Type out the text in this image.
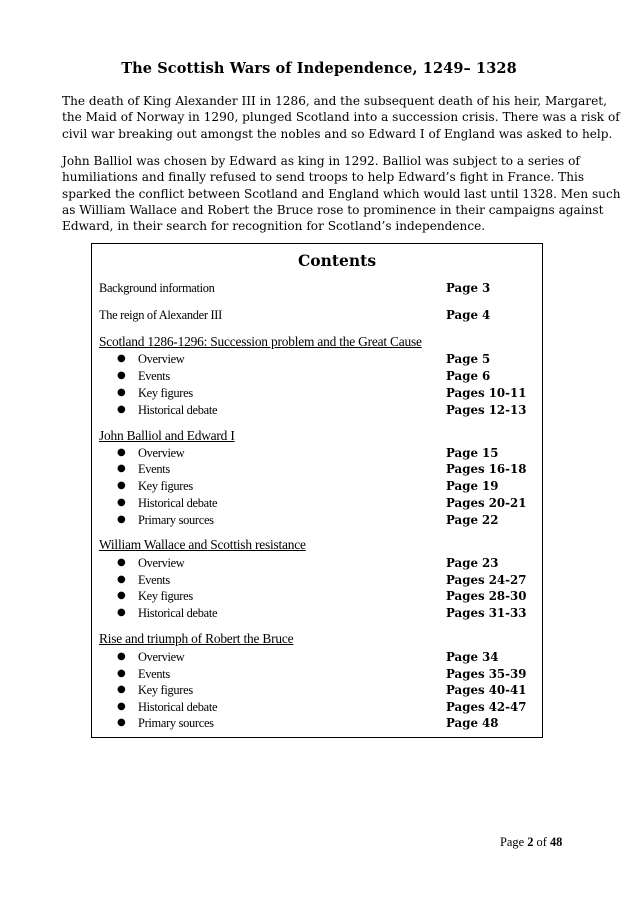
The Scottish Wars of Independence, 1249– 1328
The death of King Alexander III in 1286, and the subsequent death of his heir, Margaret,
the Maid of Norway in 1290, plunged Scotland into a succession crisis. There was a risk of
civil war breaking out amongst the nobles and so Edward I of England was asked to help.
John Balliol was chosen by Edward as king in 1292. Balliol was subject to a series of
humiliations and finally refused to send troops to help Edward’s fight in France. This
sparked the conflict between Scotland and England which would last until 1328. Men such
as William Wallace and Robert the Bruce rose to prominence in their campaigns against
Edward, in their search for recognition for Scotland’s independence.
Contents
Background information	Page 3
The reign of Alexander III	Page 4
Scotland 1286-1296: Succession problem and the Great Cause
● Overview	Page 5
● Events	Page 6
● Key figures	Pages 10-11
● Historical debate	Pages 12-13
John Balliol and Edward I
● Overview	Page 15
● Events	Pages 16-18
● Key figures	Page 19
● Historical debate	Pages 20-21
● Primary sources	Page 22
William Wallace and Scottish resistance
● Overview	Page 23
● Events	Pages 24-27
● Key figures	Pages 28-30
● Historical debate	Pages 31-33
Rise and triumph of Robert the Bruce
● Overview	Page 34
● Events	Pages 35-39
● Key figures	Pages 40-41
● Historical debate	Pages 42-47
● Primary sources	Page 48
Page 2 of 48
